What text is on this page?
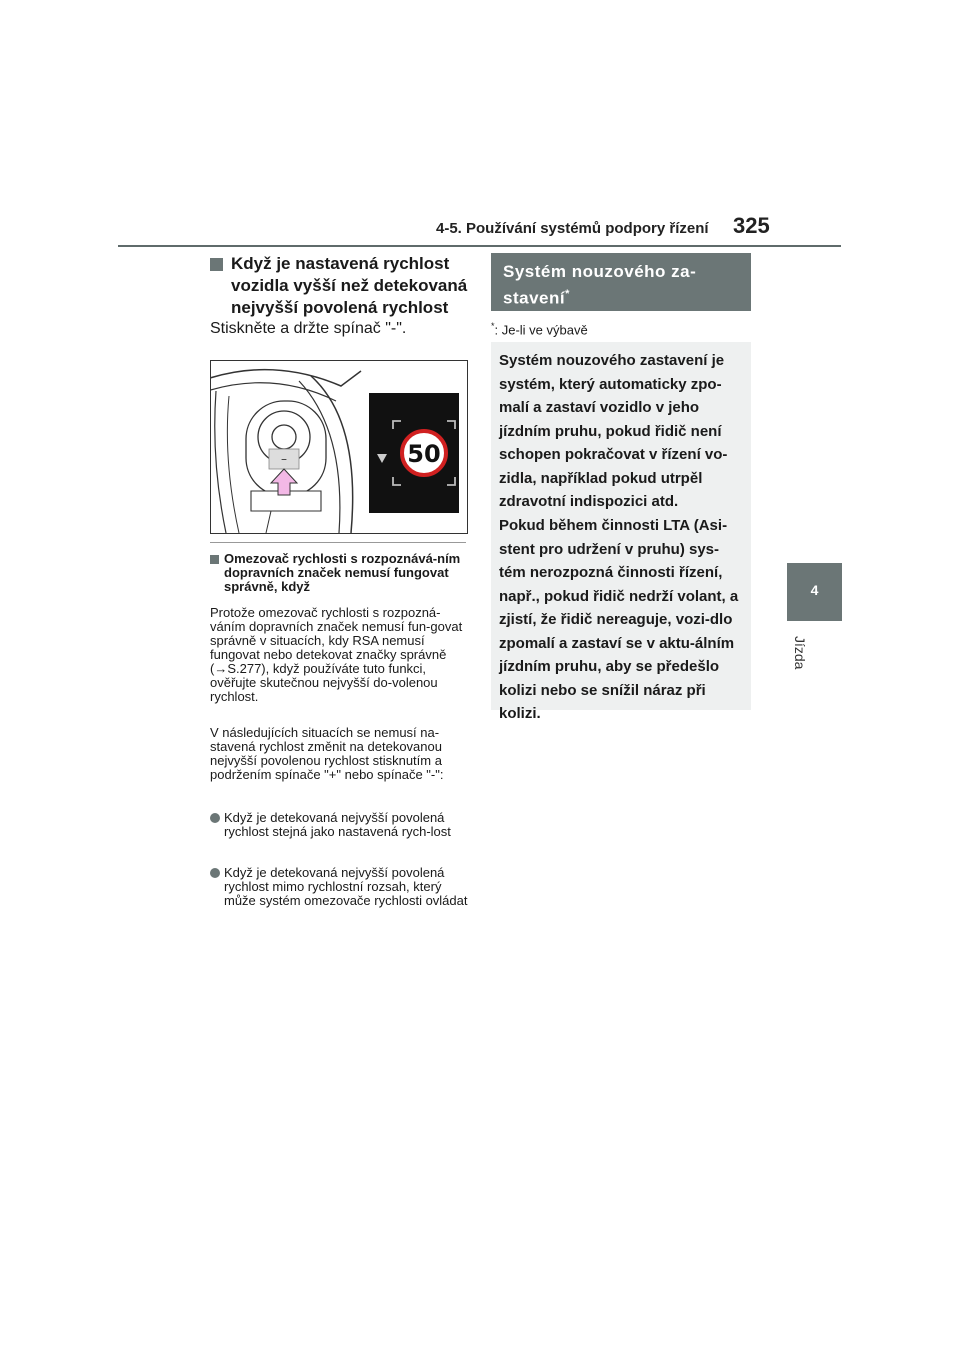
4-5. Používání systémů podpory řízení 325
4
Jízda
Když je nastavená rychlost vozidla vyšší než detekovaná nejvyšší povolená rychlost
Stiskněte a držte spínač "-".
–	50
Omezovač rychlosti s rozpoznává-ním dopravních značek nemusí fungovat správně, když
Protože omezovač rychlosti s rozpozná-váním dopravních značek nemusí fun-govat správně v situacích, kdy RSA nemusí fungovat nebo detekovat značky správně (→S.277), když používáte tuto funkci, ověřujte skutečnou nejvyšší do-volenou rychlost.
V následujících situacích se nemusí na-stavená rychlost změnit na detekovanou nejvyšší povolenou rychlost stisknutím a podržením spínače "+" nebo spínače "-":
Když je detekovaná nejvyšší povolená rychlost stejná jako nastavená rych-lost
Když je detekovaná nejvyšší povolená rychlost mimo rychlostní rozsah, který může systém omezovače rychlosti ovládat
Systém nouzového za-stavení*
*: Je-li ve výbavě
Systém nouzového zastavení je systém, který automaticky zpo-malí a zastaví vozidlo v jeho jízdním pruhu, pokud řidič není schopen pokračovat v řízení vo-zidla, například pokud utrpěl zdravotní indispozici atd.
Pokud během činnosti LTA (Asi-stent pro udržení v pruhu) sys-tém nerozpozná činnosti řízení, např., pokud řidič nedrží volant, a zjistí, že řidič nereaguje, vozi-dlo zpomalí a zastaví se v aktu-álním jízdním pruhu, aby se předešlo kolizi nebo se snížil náraz při kolizi.
